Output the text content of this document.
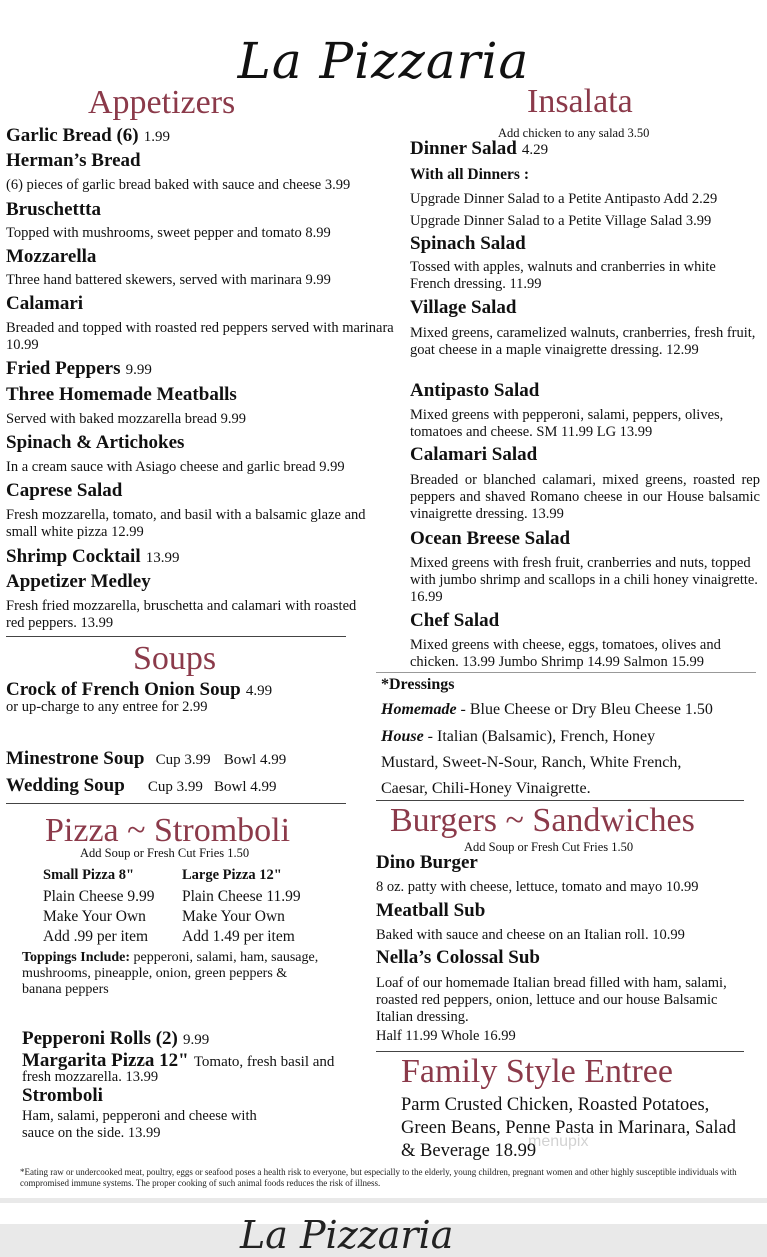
La Pizzaria
Appetizers
Garlic Bread (6) 1.99
Herman’s Bread
(6) pieces of garlic bread baked with sauce and cheese 3.99
Bruschettta
Topped with mushrooms, sweet pepper and tomato 8.99
Mozzarella
Three hand battered skewers, served with marinara 9.99
Calamari
Breaded and topped with roasted red peppers served with marinara 10.99
Fried Peppers 9.99
Three Homemade Meatballs
Served with baked mozzarella bread 9.99
Spinach & Artichokes
In a cream sauce with Asiago cheese and garlic bread 9.99
Caprese Salad
Fresh mozzarella, tomato, and basil with a balsamic glaze and small white pizza 12.99
Shrimp Cocktail 13.99
Appetizer Medley
Fresh fried mozzarella, bruschetta and calamari with roasted red peppers. 13.99
Soups
Crock of French Onion Soup 4.99
or up-charge to any entree for 2.99
Minestrone Soup Cup 3.99 Bowl 4.99
Wedding Soup Cup 3.99 Bowl 4.99
Pizza ~ Stromboli
Add Soup or Fresh Cut Fries 1.50
Small Pizza 8"	Large Pizza 12"
Plain Cheese 9.99 Plain Cheese 11.99
Make Your Own Make Your Own
Add .99 per item Add 1.49 per item
Toppings Include: pepperoni, salami, ham, sausage, mushrooms, pineapple, onion, green peppers & banana peppers
Pepperoni Rolls (2) 9.99
Margarita Pizza 12" Tomato, fresh basil and
fresh mozzarella. 13.99
Stromboli
Ham, salami, pepperoni and cheese with sauce on the side. 13.99
Insalata
Add chicken to any salad 3.50
Dinner Salad 4.29
With all Dinners :
Upgrade Dinner Salad to a Petite Antipasto Add 2.29
Upgrade Dinner Salad to a Petite Village Salad 3.99
Spinach Salad
Tossed with apples, walnuts and cranberries in white French dressing. 11.99
Village Salad
Mixed greens, caramelized walnuts, cranberries, fresh fruit, goat cheese in a maple vinaigrette dressing. 12.99
Antipasto Salad
Mixed greens with pepperoni, salami, peppers, olives, tomatoes and cheese. SM 11.99 LG 13.99
Calamari Salad
Breaded or blanched calamari, mixed greens, roasted rep peppers and shaved Romano cheese in our House balsamic vinaigrette dressing. 13.99
Ocean Breese Salad
Mixed greens with fresh fruit, cranberries and nuts, topped with jumbo shrimp and scallops in a chili honey vinaigrette. 16.99
Chef Salad
Mixed greens with cheese, eggs, tomatoes, olives and chicken. 13.99 Jumbo Shrimp 14.99 Salmon 15.99
*Dressings
Homemade - Blue Cheese or Dry Bleu Cheese 1.50
House - Italian (Balsamic), French, Honey
Mustard, Sweet-N-Sour, Ranch, White French,
Caesar, Chili-Honey Vinaigrette.
Burgers ~ Sandwiches
Add Soup or Fresh Cut Fries 1.50
Dino Burger
8 oz. patty with cheese, lettuce, tomato and mayo 10.99
Meatball Sub
Baked with sauce and cheese on an Italian roll. 10.99
Nella’s Colossal Sub
Loaf of our homemade Italian bread filled with ham, salami, roasted red peppers, onion, lettuce and our house Balsamic Italian dressing.
Half 11.99 Whole 16.99
Family Style Entree
Parm Crusted Chicken, Roasted Potatoes, Green Beans, Penne Pasta in Marinara, Salad & Beverage 18.99
menupix
*Eating raw or undercooked meat, poultry, eggs or seafood poses a health risk to everyone, but especially to the elderly, young children, pregnant women and other highly susceptible individuals with compromised immune systems. The proper cooking of such animal foods reduces the risk of illness.
La Pizzaria
